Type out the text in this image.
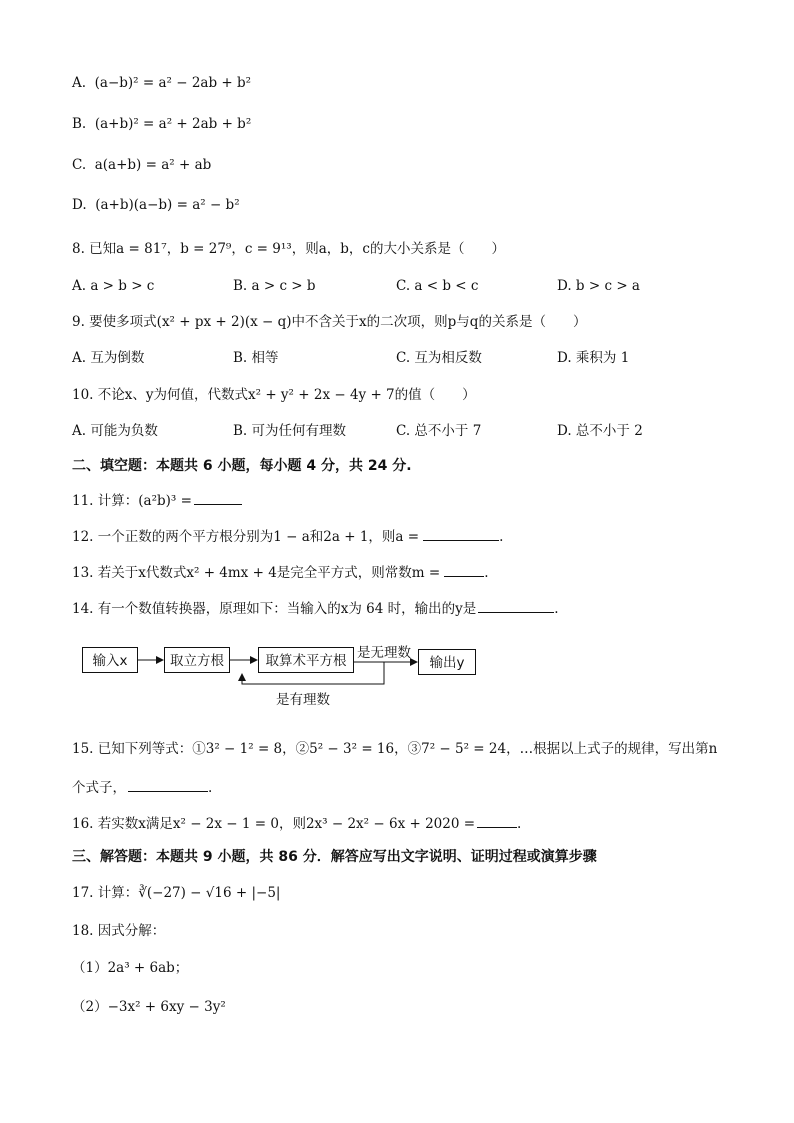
A. (a−b)² = a² − 2ab + b²
B. (a+b)² = a² + 2ab + b²
C. a(a+b) = a² + ab
D. (a+b)(a−b) = a² − b²
8. 已知a = 81⁷，b = 27⁹，c = 9¹³，则a，b，c的大小关系是（　　）
A. a > b > c	B. a > c > b	C. a < b < c	D. b > c > a
9. 要使多项式(x² + px + 2)(x − q)中不含关于x的二次项，则p与q的关系是（　　）
A. 互为倒数	B. 相等	C. 互为相反数	D. 乘积为 1
10. 不论x、y为何值，代数式x² + y² + 2x − 4y + 7的值（　　）
A. 可能为负数	B. 可为任何有理数	C. 总不小于 7	D. 总不小于 2
二、填空题：本题共 6 小题，每小题 4 分，共 24 分.
11. 计算：(a²b)³ =
12. 一个正数的两个平方根分别为1 − a和2a + 1，则a =	.
13. 若关于x代数式x² + 4mx + 4是完全平方式，则常数m =	.
14. 有一个数值转换器，原理如下：当输入的x为 64 时，输出的y是	.
输入x	取立方根	取算术平方根	输出y
是无理数
是有理数
15. 已知下列等式：①3² − 1² = 8，②5² − 3² = 16，③7² − 5² = 24，…根据以上式子的规律，写出第n
个式子，	.
16. 若实数x满足x² − 2x − 1 = 0，则2x³ − 2x² − 6x + 2020 =	.
三、解答题：本题共 9 小题，共 86 分．解答应写出文字说明、证明过程或演算步骤
17. 计算：∛(−27) − √16 + |−5|
18. 因式分解：
（1）2a³ + 6ab；
（2）−3x² + 6xy − 3y²
